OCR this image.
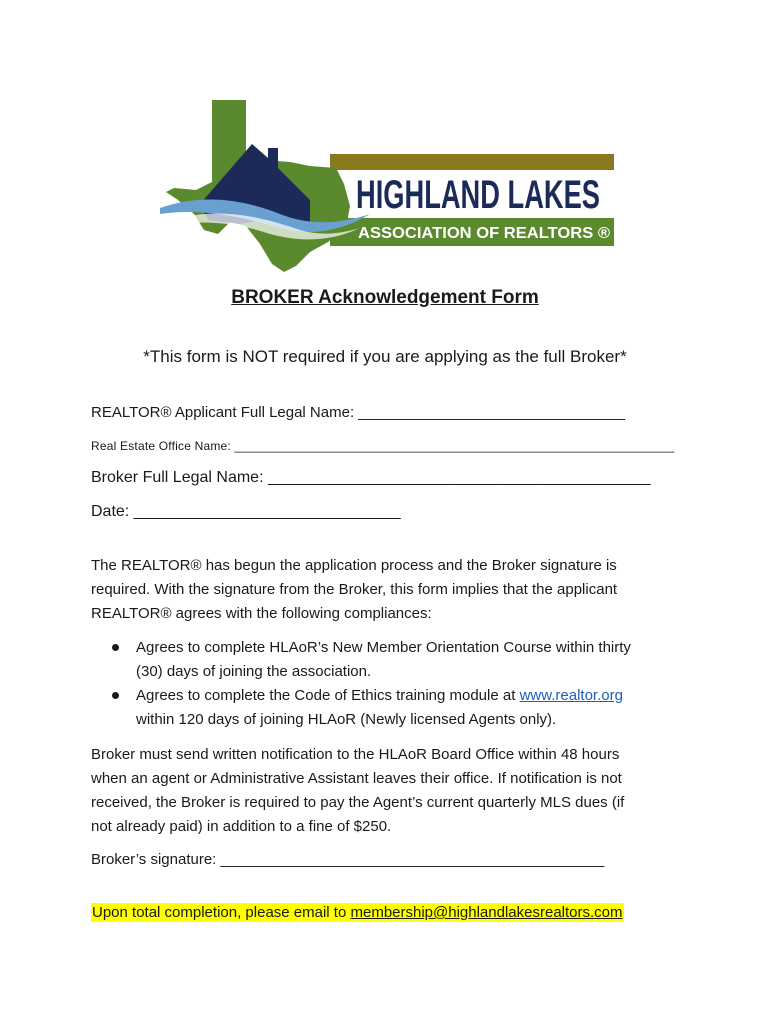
HIGHLAND LAKES
ASSOCIATION OF REALTORS ®
BROKER Acknowledgement Form
*This form is NOT required if you are applying as the full Broker*
REALTOR® Applicant Full Legal Name: ________________________________
Real Estate Office Name: ________________________________________________________________
Broker Full Legal Name: ___________________________________________
Date: ______________________________
The REALTOR® has begun the application process and the Broker signature is
required. With the signature from the Broker, this form implies that the applicant
REALTOR® agrees with the following compliances:
Agrees to complete HLAoR’s New Member Orientation Course within thirty
(30) days of joining the association.
Agrees to complete the Code of Ethics training module at www.realtor.org
within 120 days of joining HLAoR (Newly licensed Agents only).
Broker must send written notification to the HLAoR Board Office within 48 hours
when an agent or Administrative Assistant leaves their office. If notification is not
received, the Broker is required to pay the Agent’s current quarterly MLS dues (if
not already paid) in addition to a fine of $250.
Broker’s signature: ______________________________________________
Upon total completion, please email to membership@highlandlakesrealtors.com
